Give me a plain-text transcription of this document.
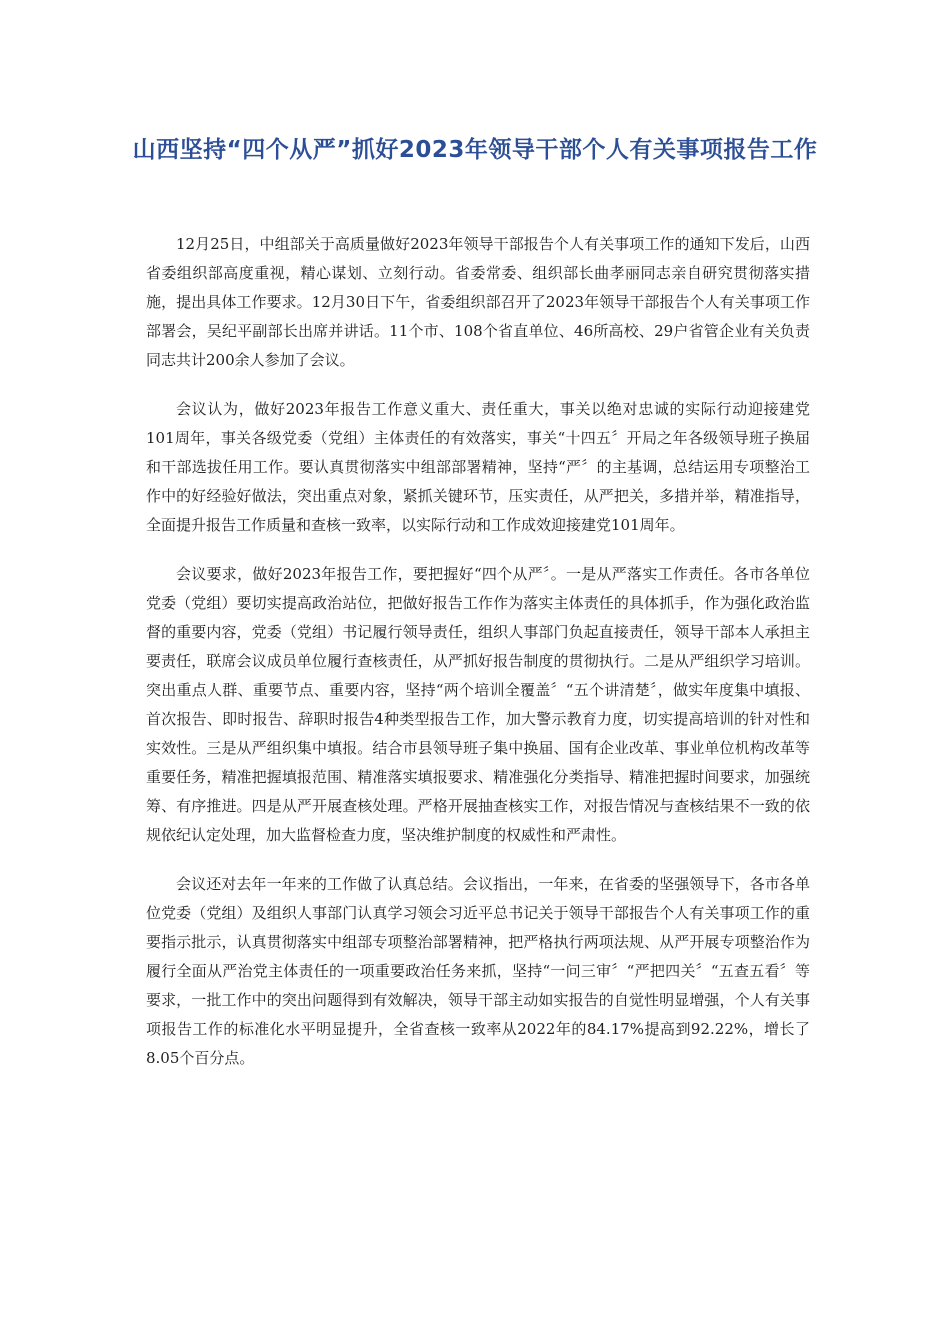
山西坚持“四个从严”抓好2023年领导干部个人有关事项报告工作

12月25日，中组部关于高质量做好2023年领导干部报告个人有关事项工作的通知下发后，山西省委组织部高度重视，精心谋划、立刻行动。省委常委、组织部长曲孝丽同志亲自研究贯彻落实措施，提出具体工作要求。12月30日下午，省委组织部召开了2023年领导干部报告个人有关事项工作部署会，吴纪平副部长出席并讲话。11个市、108个省直单位、46所高校、29户省管企业有关负责同志共计200余人参加了会议。

会议认为，做好2023年报告工作意义重大、责任重大，事关以绝对忠诚的实际行动迎接建党101周年，事关各级党委（党组）主体责任的有效落实，事关“十四五〞开局之年各级领导班子换届和干部选拔任用工作。要认真贯彻落实中组部部署精神，坚持“严〞的主基调，总结运用专项整治工作中的好经验好做法，突出重点对象，紧抓关键环节，压实责任，从严把关，多措并举，精准指导，全面提升报告工作质量和查核一致率，以实际行动和工作成效迎接建党101周年。

会议要求，做好2023年报告工作，要把握好“四个从严〞。一是从严落实工作责任。各市各单位党委（党组）要切实提高政治站位，把做好报告工作作为落实主体责任的具体抓手，作为强化政治监督的重要内容，党委（党组）书记履行领导责任，组织人事部门负起直接责任，领导干部本人承担主要责任，联席会议成员单位履行查核责任，从严抓好报告制度的贯彻执行。二是从严组织学习培训。突出重点人群、重要节点、重要内容，坚持“两个培训全覆盖〞“五个讲清楚〞，做实年度集中填报、首次报告、即时报告、辞职时报告4种类型报告工作，加大警示教育力度，切实提高培训的针对性和实效性。三是从严组织集中填报。结合市县领导班子集中换届、国有企业改革、事业单位机构改革等重要任务，精准把握填报范围、精准落实填报要求、精准强化分类指导、精准把握时间要求，加强统筹、有序推进。四是从严开展查核处理。严格开展抽查核实工作，对报告情况与查核结果不一致的依规依纪认定处理，加大监督检查力度，坚决维护制度的权威性和严肃性。

会议还对去年一年来的工作做了认真总结。会议指出，一年来，在省委的坚强领导下，各市各单位党委（党组）及组织人事部门认真学习领会习近平总书记关于领导干部报告个人有关事项工作的重要指示批示，认真贯彻落实中组部专项整治部署精神，把严格执行两项法规、从严开展专项整治作为履行全面从严治党主体责任的一项重要政治任务来抓，坚持“一问三审〞“严把四关〞“五查五看〞等要求，一批工作中的突出问题得到有效解决，领导干部主动如实报告的自觉性明显增强，个人有关事项报告工作的标准化水平明显提升，全省查核一致率从2022年的84.17%提高到92.22%，增长了8.05个百分点。
